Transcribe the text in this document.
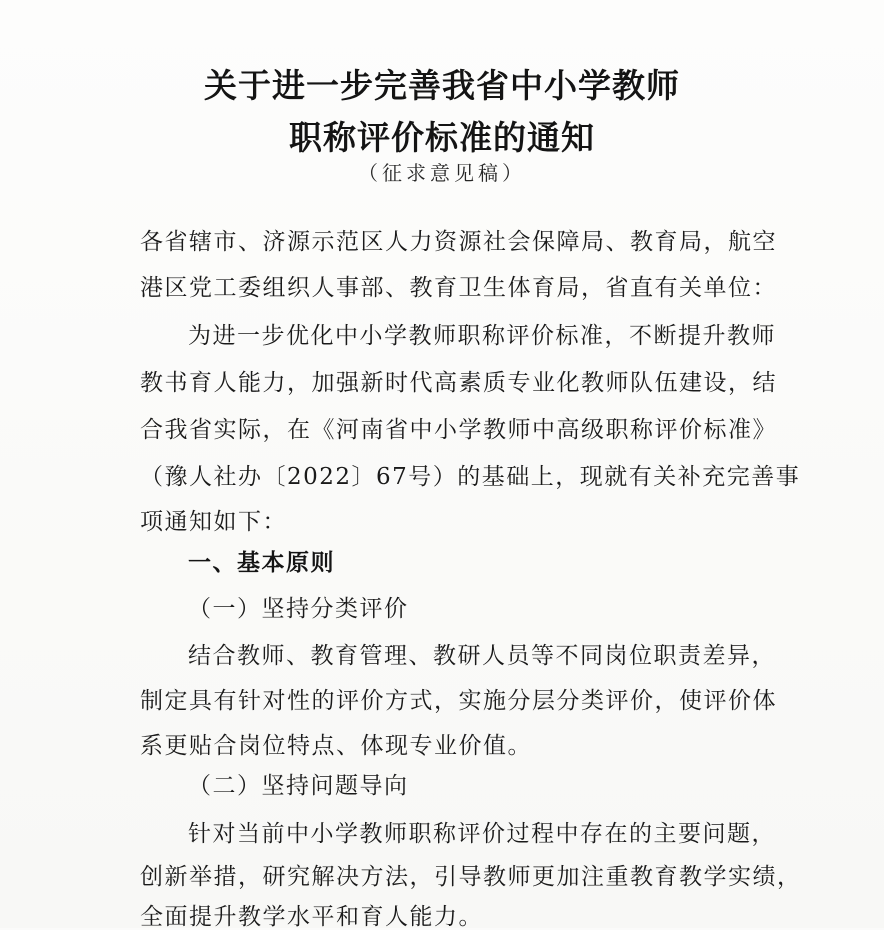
关于进一步完善我省中小学教师
职称评价标准的通知
（征求意见稿）
各省辖市、济源示范区人力资源社会保障局、教育局，航空
港区党工委组织人事部、教育卫生体育局，省直有关单位：
为进一步优化中小学教师职称评价标准，不断提升教师
教书育人能力，加强新时代高素质专业化教师队伍建设，结
合我省实际，在《河南省中小学教师中高级职称评价标准》
（豫人社办〔2022〕67号）的基础上，现就有关补充完善事
项通知如下：
一、基本原则
（一）坚持分类评价
结合教师、教育管理、教研人员等不同岗位职责差异，
制定具有针对性的评价方式，实施分层分类评价，使评价体
系更贴合岗位特点、体现专业价值。
（二）坚持问题导向
针对当前中小学教师职称评价过程中存在的主要问题，
创新举措，研究解决方法，引导教师更加注重教育教学实绩，
全面提升教学水平和育人能力。
